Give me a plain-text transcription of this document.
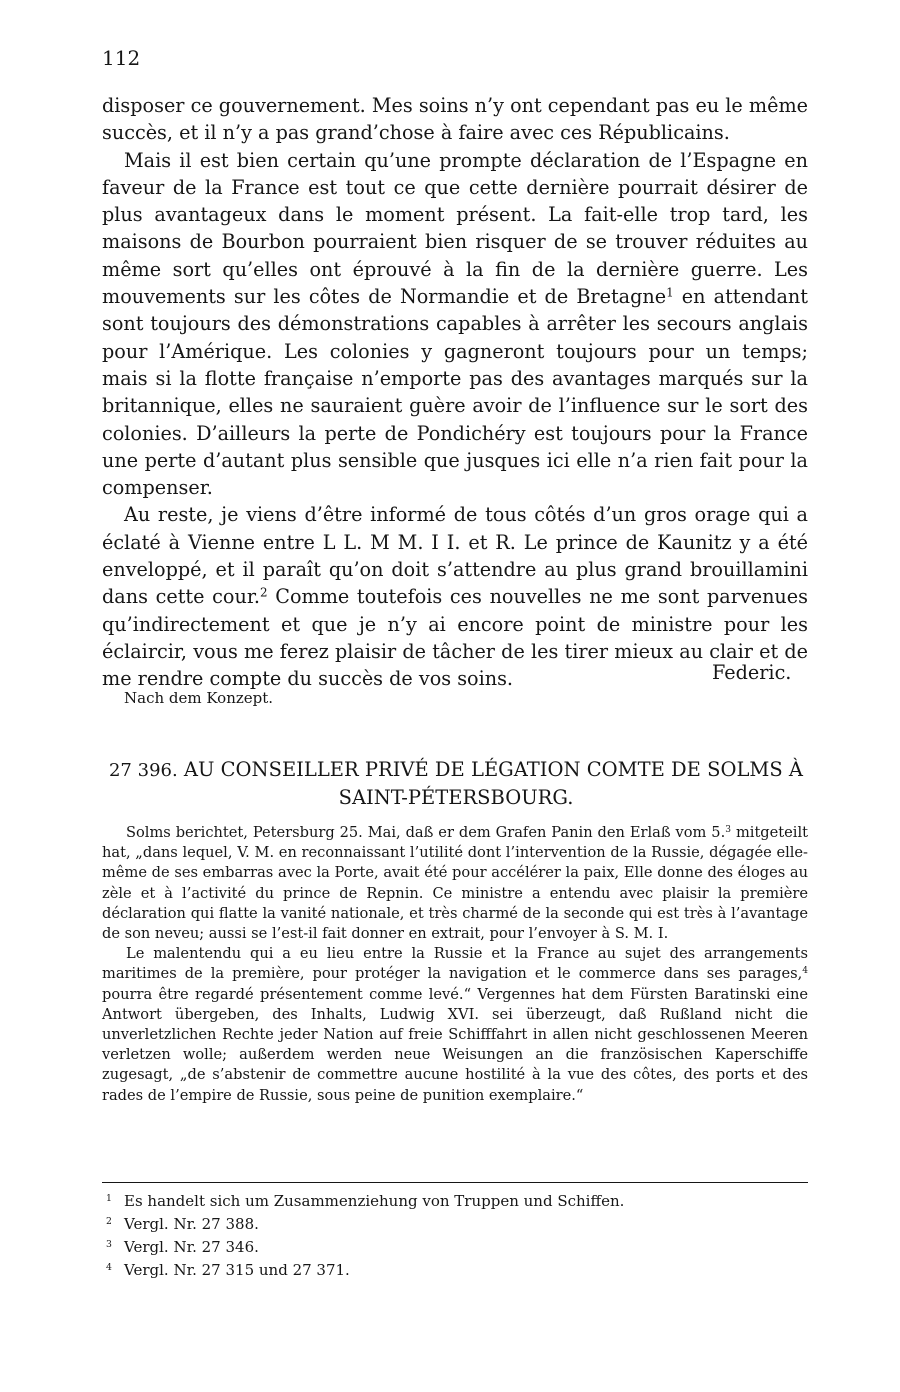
112

disposer ce gouvernement. Mes soins n’y ont cependant pas eu le même succès, et il n’y a pas grand’chose à faire avec ces Républicains.

Mais il est bien certain qu’une prompte déclaration de l’Espagne en faveur de la France est tout ce que cette dernière pourrait désirer de plus avantageux dans le moment présent. La fait-elle trop tard, les maisons de Bourbon pourraient bien risquer de se trouver réduites au même sort qu’elles ont éprouvé à la fin de la dernière guerre. Les mouvements sur les côtes de Normandie et de Bretagne$^1$ en attendant sont toujours des démonstrations capables à arrêter les secours anglais pour l’Amérique. Les colonies y gagneront toujours pour un temps; mais si la flotte française n’emporte pas des avantages marqués sur la britannique, elles ne sauraient guère avoir de l’influence sur le sort des colonies. D’ailleurs la perte de Pondichéry est toujours pour la France une perte d’autant plus sensible que jusques ici elle n’a rien fait pour la compenser.

Au reste, je viens d’être informé de tous côtés d’un gros orage qui a éclaté à Vienne entre L L. M M. I I. et R. Le prince de Kaunitz y a été enveloppé, et il paraît qu’on doit s’attendre au plus grand brouillamini dans cette cour.$^2$ Comme toutefois ces nouvelles ne me sont parvenues qu’indirectement et que je n’y ai encore point de ministre pour les éclaircir, vous me ferez plaisir de tâcher de les tirer mieux au clair et de me rendre compte du succès de vos soins.	Federic.
Nach dem Konzept.
27 396. AU CONSEILLER PRIVÉ DE LÉGATION COMTE DE SOLMS À SAINT-PÉTERSBOURG.

Solms berichtet, Petersburg 25. Mai, daß er dem Grafen Panin den Erlaß vom 5.$^3$ mitgeteilt hat, „dans lequel, V. M. en reconnaissant l’utilité dont l’intervention de la Russie, dégagée elle-même de ses embarras avec la Porte, avait été pour accélérer la paix, Elle donne des éloges au zèle et à l’activité du prince de Repnin. Ce ministre a entendu avec plaisir la première déclaration qui flatte la vanité nationale, et très charmé de la seconde qui est très à l’avantage de son neveu; aussi se l’est-il fait donner en extrait, pour l’envoyer à S. M. I.

Le malentendu qui a eu lieu entre la Russie et la France au sujet des arrangements maritimes de la première, pour protéger la navigation et le commerce dans ses parages,$^4$ pourra être regardé présentement comme levé.“ Vergennes hat dem Fürsten Baratinski eine Antwort übergeben, des Inhalts, Ludwig XVI. sei überzeugt, daß Rußland nicht die unverletzlichen Rechte jeder Nation auf freie Schifffahrt in allen nicht geschlossenen Meeren verletzen wolle; außerdem werden neue Weisungen an die französischen Kaperschiffe zugesagt, „de s’abstenir de commettre aucune hostilité à la vue des côtes, des ports et des rades de l’empire de Russie, sous peine de punition exemplaire.“

$^1$ Es handelt sich um Zusammenziehung von Truppen und Schiffen.

$^2$ Vergl. Nr. 27 388.

$^3$ Vergl. Nr. 27 346.

$^4$ Vergl. Nr. 27 315 und 27 371.
